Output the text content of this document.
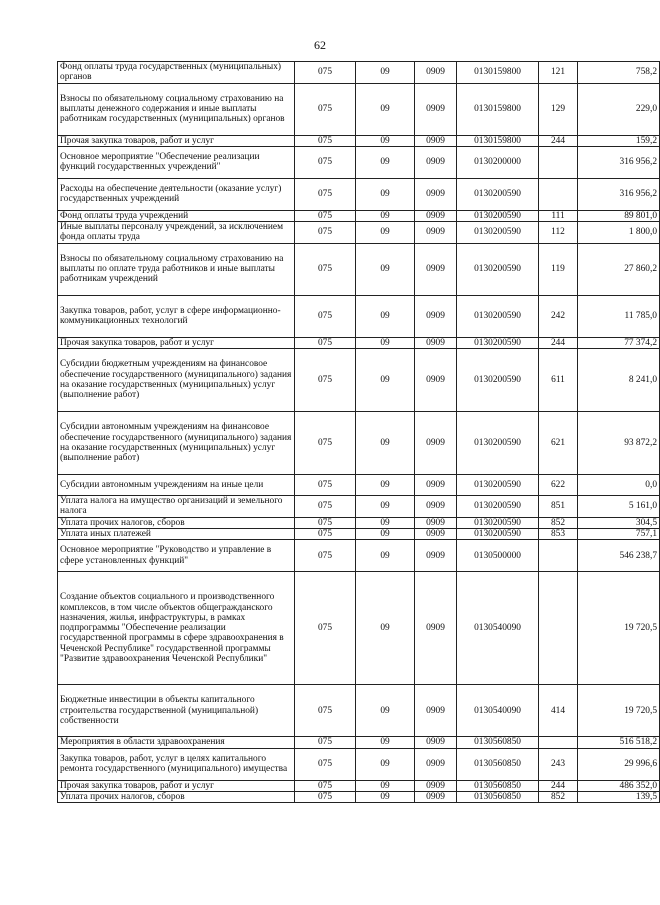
62
Фонд оплаты труда государственных (муниципальных) органов	075	09	0909	0130159800	121	758,2
Взносы по обязательному социальному страхованию на выплаты денежного содержания и иные выплаты работникам государственных (муниципальных) органов	075	09	0909	0130159800	129	229,0
Прочая закупка товаров, работ и услуг	075	09	0909	0130159800	244	159,2
Основное мероприятие "Обеспечение реализации функций государственных учреждений"	075	09	0909	0130200000		316 956,2
Расходы на обеспечение деятельности (оказание услуг) государственных учреждений	075	09	0909	0130200590		316 956,2
Фонд оплаты труда учреждений	075	09	0909	0130200590	111	89 801,0
Иные выплаты персоналу учреждений, за исключением фонда оплаты труда	075	09	0909	0130200590	112	1 800,0
Взносы по обязательному социальному страхованию на выплаты по оплате труда работников и иные выплаты работникам учреждений	075	09	0909	0130200590	119	27 860,2
Закупка товаров, работ, услуг в сфере информационно-коммуникационных технологий	075	09	0909	0130200590	242	11 785,0
Прочая закупка товаров, работ и услуг	075	09	0909	0130200590	244	77 374,2
Субсидии бюджетным учреждениям на финансовое обеспечение государственного (муниципального) задания на оказание государственных (муниципальных) услуг (выполнение работ)	075	09	0909	0130200590	611	8 241,0
Субсидии автономным учреждениям на финансовое обеспечение государственного (муниципального) задания на оказание государственных (муниципальных) услуг (выполнение работ)	075	09	0909	0130200590	621	93 872,2
Субсидии автономным учреждениям на иные цели	075	09	0909	0130200590	622	0,0
Уплата налога на имущество организаций и земельного налога	075	09	0909	0130200590	851	5 161,0
Уплата прочих налогов, сборов	075	09	0909	0130200590	852	304,5
Уплата иных платежей	075	09	0909	0130200590	853	757,1
Основное мероприятие "Руководство и управление в сфере установленных функций"	075	09	0909	0130500000		546 238,7
Создание объектов социального и производственного комплексов, в том числе объектов общегражданского назначения, жилья, инфраструктуры, в рамках подпрограммы "Обеспечение реализации государственной программы в сфере здравоохранения в Чеченской Республике" государственной программы "Развитие здравоохранения Чеченской Республики"	075	09	0909	0130540090		19 720,5
Бюджетные инвестиции в объекты капитального строительства государственной (муниципальной) собственности	075	09	0909	0130540090	414	19 720,5
Мероприятия в области здравоохранения	075	09	0909	0130560850		516 518,2
Закупка товаров, работ, услуг в целях капитального ремонта государственного (муниципального) имущества	075	09	0909	0130560850	243	29 996,6
Прочая закупка товаров, работ и услуг	075	09	0909	0130560850	244	486 352,0
Уплата прочих налогов, сборов	075	09	0909	0130560850	852	139,5
